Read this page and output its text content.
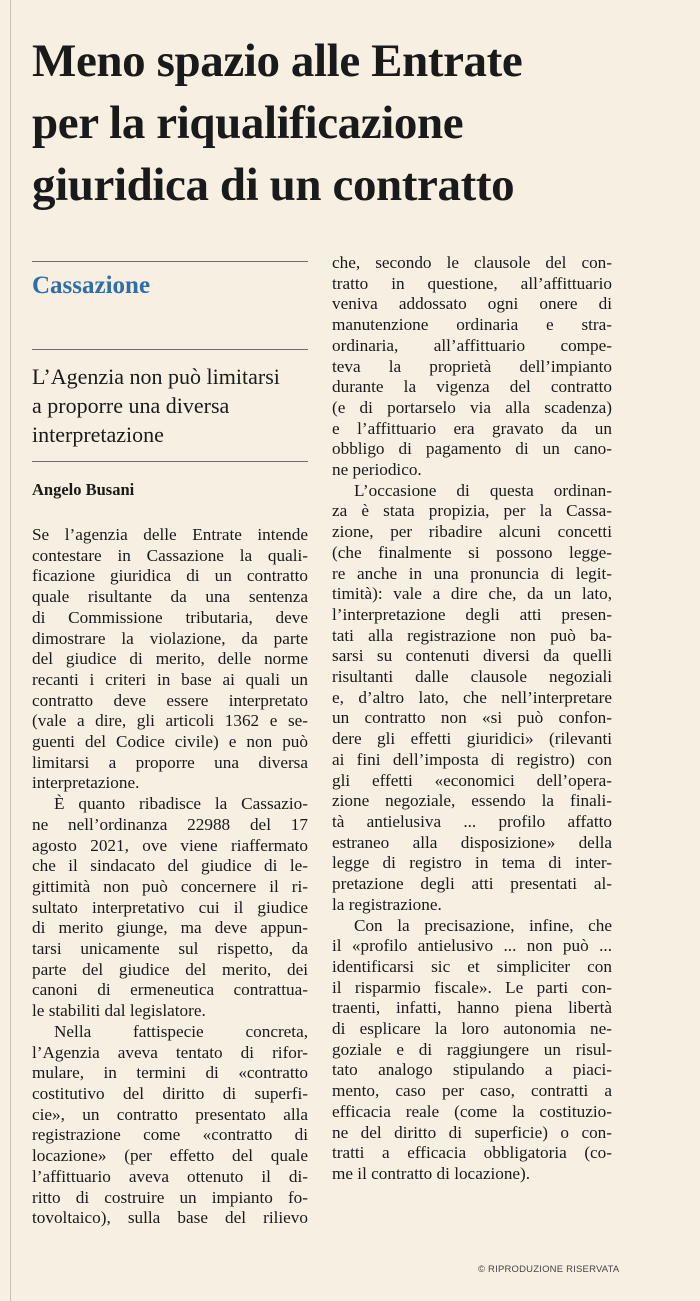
Meno spazio alle Entrate
per la riqualificazione
giuridica di un contratto
Cassazione
L’Agenzia non può limitarsi
a proporre una diversa
interpretazione
Angelo Busani
Se l’agenzia delle Entrate intende
contestare in Cassazione la quali-
ficazione giuridica di un contratto
quale risultante da una sentenza
di Commissione tributaria, deve
dimostrare la violazione, da parte
del giudice di merito, delle norme
recanti i criteri in base ai quali un
contratto deve essere interpretato
(vale a dire, gli articoli 1362 e se-
guenti del Codice civile) e non può
limitarsi a proporre una diversa
interpretazione.
È quanto ribadisce la Cassazio-
ne nell’ordinanza 22988 del 17
agosto 2021, ove viene riaffermato
che il sindacato del giudice di le-
gittimità non può concernere il ri-
sultato interpretativo cui il giudice
di merito giunge, ma deve appun-
tarsi unicamente sul rispetto, da
parte del giudice del merito, dei
canoni di ermeneutica contrattua-
le stabiliti dal legislatore.
Nella fattispecie concreta,
l’Agenzia aveva tentato di rifor-
mulare, in termini di «contratto
costitutivo del diritto di superfi-
cie», un contratto presentato alla
registrazione come «contratto di
locazione» (per effetto del quale
l’affittuario aveva ottenuto il di-
ritto di costruire un impianto fo-
tovoltaico), sulla base del rilievo
che, secondo le clausole del con-
tratto in questione, all’affittuario
veniva addossato ogni onere di
manutenzione ordinaria e stra-
ordinaria, all’affittuario compe-
teva la proprietà dell’impianto
durante la vigenza del contratto
(e di portarselo via alla scadenza)
e l’affittuario era gravato da un
obbligo di pagamento di un cano-
ne periodico.
L’occasione di questa ordinan-
za è stata propizia, per la Cassa-
zione, per ribadire alcuni concetti
(che finalmente si possono legge-
re anche in una pronuncia di legit-
timità): vale a dire che, da un lato,
l’interpretazione degli atti presen-
tati alla registrazione non può ba-
sarsi su contenuti diversi da quelli
risultanti dalle clausole negoziali
e, d’altro lato, che nell’interpretare
un contratto non «si può confon-
dere gli effetti giuridici» (rilevanti
ai fini dell’imposta di registro) con
gli effetti «economici dell’opera-
zione negoziale, essendo la finali-
tà antielusiva ... profilo affatto
estraneo alla disposizione» della
legge di registro in tema di inter-
pretazione degli atti presentati al-
la registrazione.
Con la precisazione, infine, che
il «profilo antielusivo ... non può ...
identificarsi sic et simpliciter con
il risparmio fiscale». Le parti con-
traenti, infatti, hanno piena libertà
di esplicare la loro autonomia ne-
goziale e di raggiungere un risul-
tato analogo stipulando a piaci-
mento, caso per caso, contratti a
efficacia reale (come la costituzio-
ne del diritto di superficie) o con-
tratti a efficacia obbligatoria (co-
me il contratto di locazione).
© RIPRODUZIONE RISERVATA
